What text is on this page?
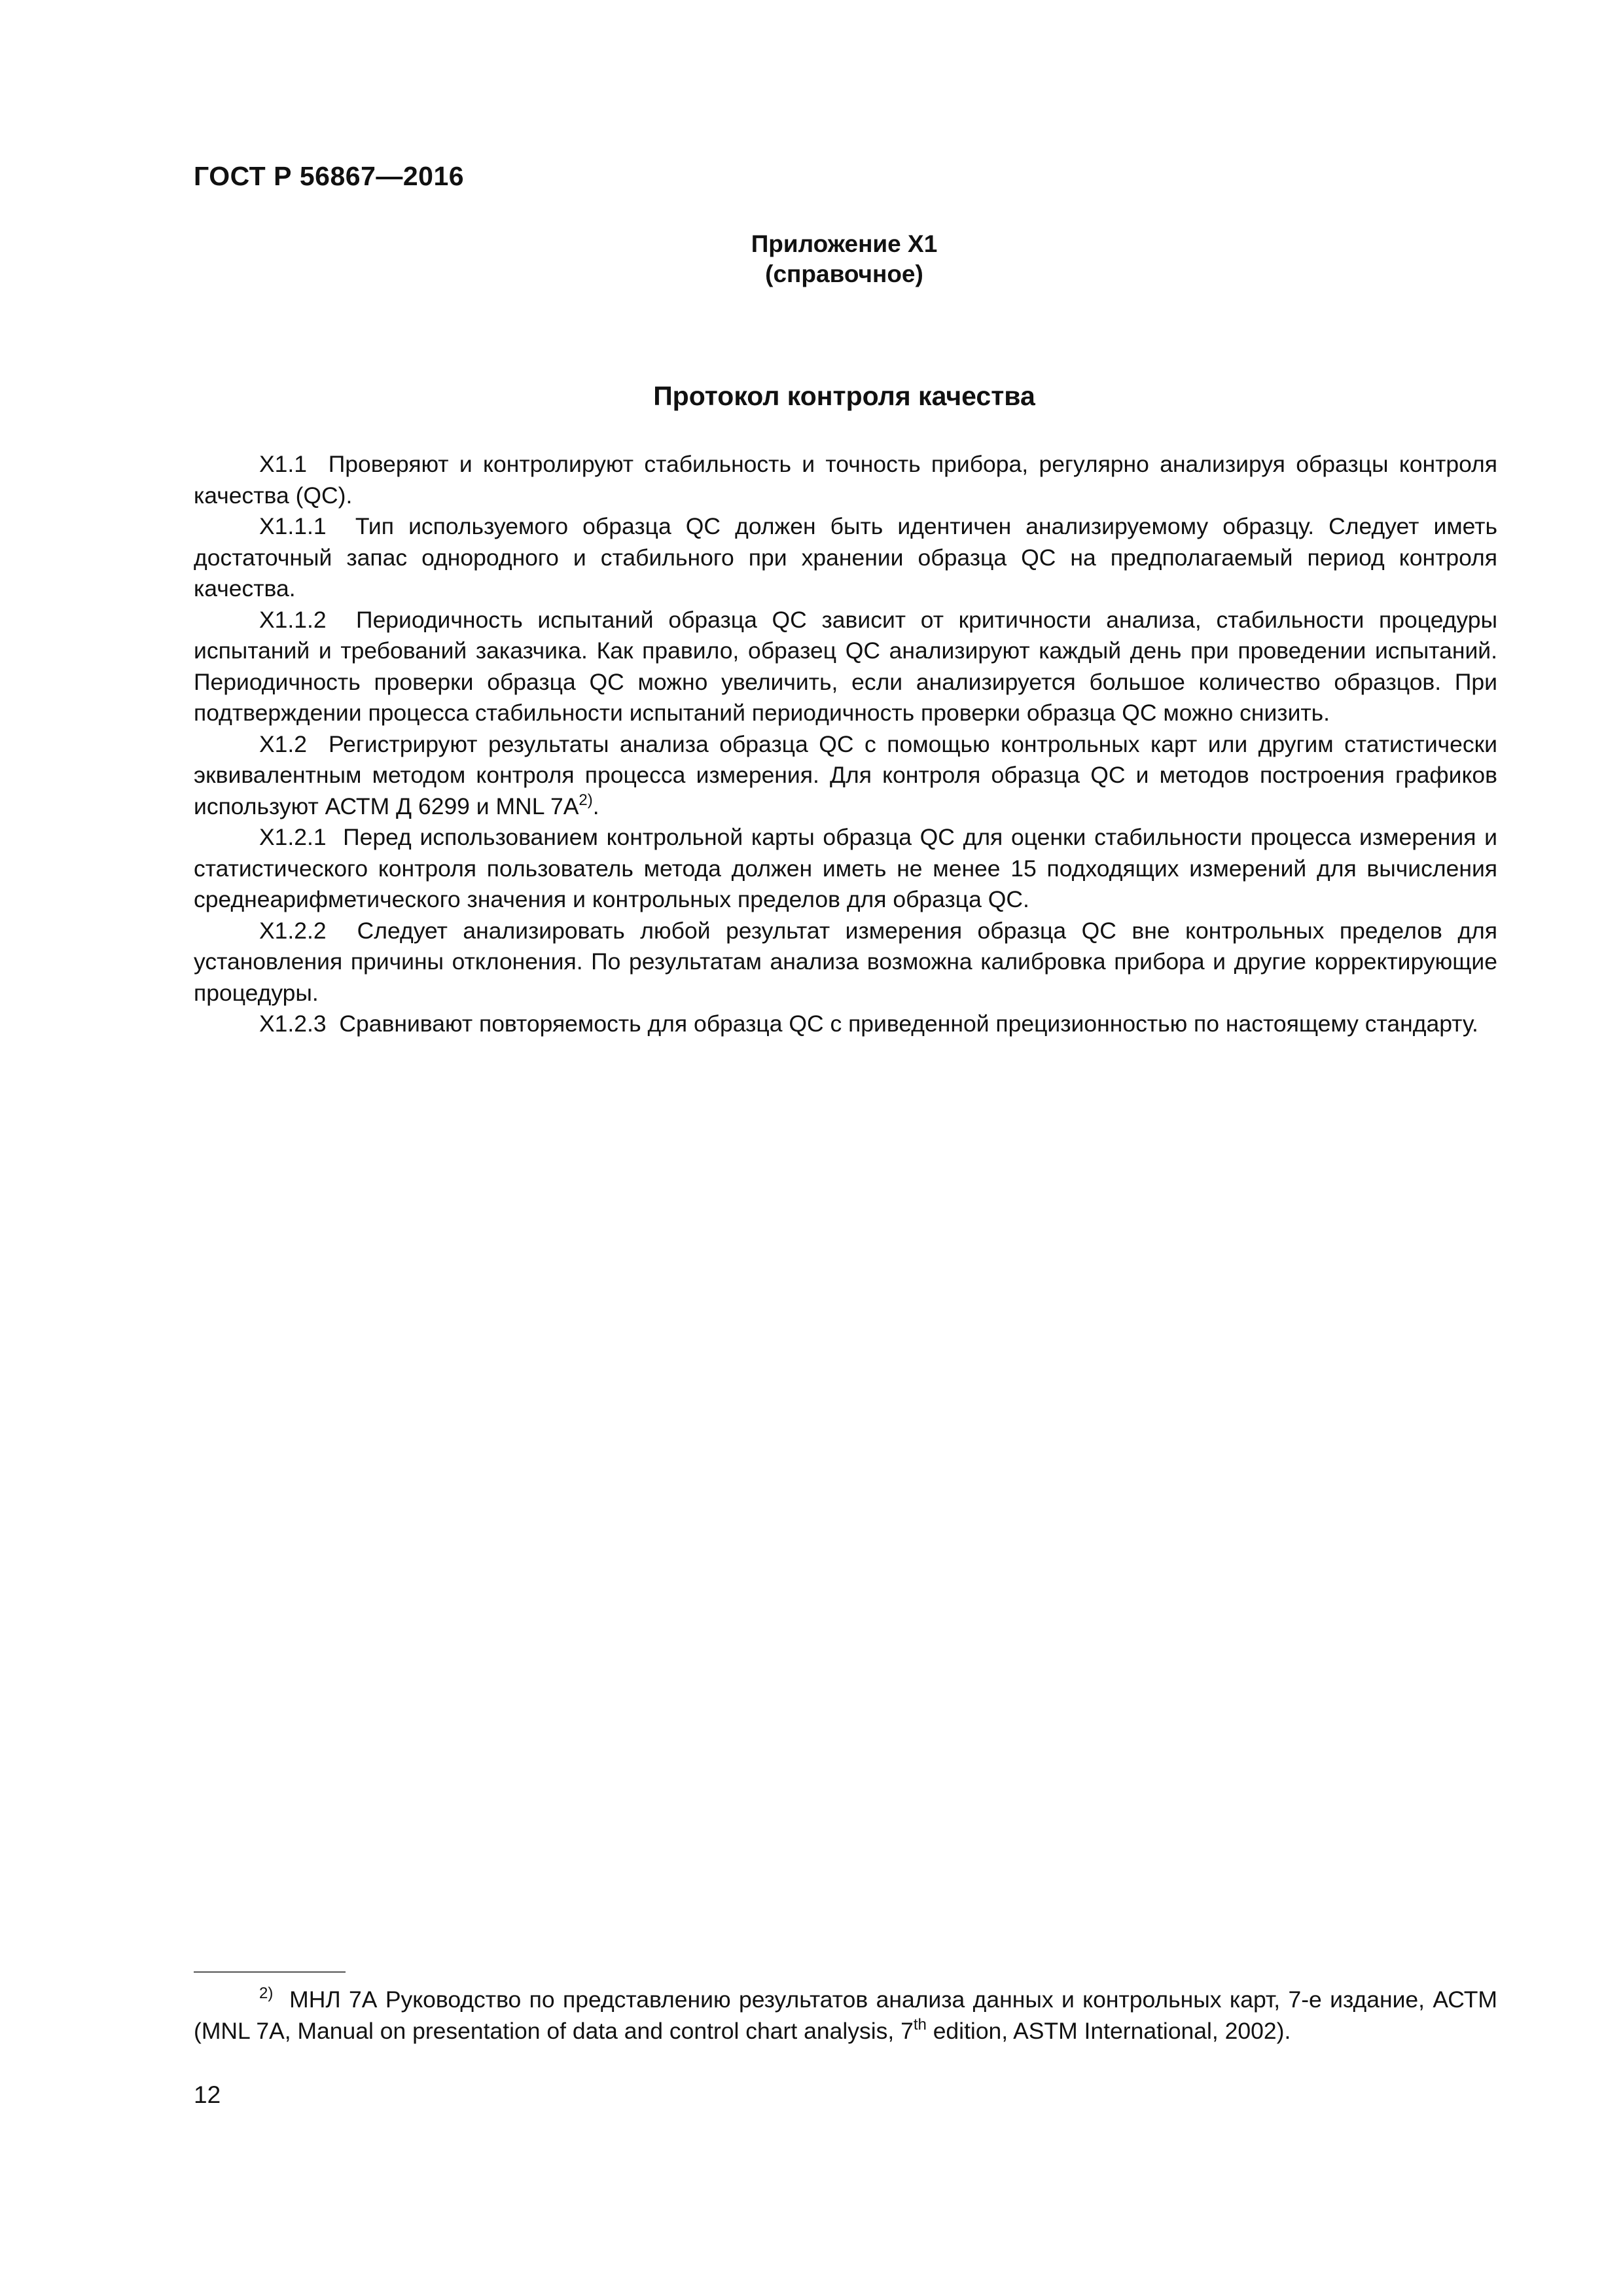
ГОСТ Р 56867—2016
Приложение Х1
(справочное)
Протокол контроля качества

Х1.1 Проверяют и контролируют стабильность и точность прибора, регулярно анализируя образцы контроля качества (QC).

Х1.1.1 Тип используемого образца QC должен быть идентичен анализируемому образцу. Следует иметь достаточный запас однородного и стабильного при хранении образца QC на предполагаемый период контроля качества.

Х1.1.2 Периодичность испытаний образца QC зависит от критичности анализа, стабильности процедуры испытаний и требований заказчика. Как правило, образец QC анализируют каждый день при проведении испытаний. Периодичность проверки образца QC можно увеличить, если анализируется большое количество образцов. При подтверждении процесса стабильности испытаний периодичность проверки образца QC можно снизить.

Х1.2 Регистрируют результаты анализа образца QC с помощью контрольных карт или другим статистически эквивалентным методом контроля процесса измерения. Для контроля образца QC и методов построения графиков используют АСТМ Д 6299 и MNL $7A^{2)}$.

Х1.2.1 Перед использованием контрольной карты образца QC для оценки стабильности процесса измерения и статистического контроля пользователь метода должен иметь не менее 15 подходящих измерений для вычисления среднеарифметического значения и контрольных пределов для образца QC.

Х1.2.2 Следует анализировать любой результат измерения образца QC вне контрольных пределов для установления причины отклонения. По результатам анализа возможна калибровка прибора и другие корректирующие процедуры.

Х1.2.3 Сравнивают повторяемость для образца QC с приведенной прецизионностью по настоящему стандарту.

$^{2)}$ МНЛ 7А Руководство по представлению результатов анализа данных и контрольных карт, 7-е издание, АСТМ (MNL 7A, Manual on presentation of data and control chart analysis, 7th edition, ASTM International, 2002).

12
